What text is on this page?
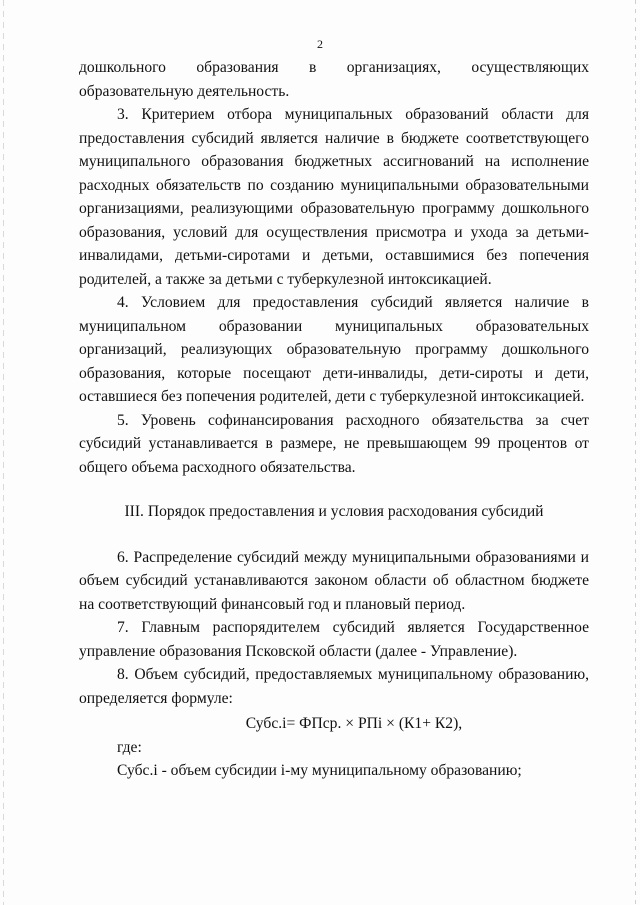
2

дошкольного образования в организациях, осуществляющих образовательную деятельность.

3. Критерием отбора муниципальных образований области для предоставления субсидий является наличие в бюджете соответствующего муниципального образования бюджетных ассигнований на исполнение расходных обязательств по созданию муниципальными образовательными организациями, реализующими образовательную программу дошкольного образования, условий для осуществления присмотра и ухода за детьми-инвалидами, детьми-сиротами и детьми, оставшимися без попечения родителей, а также за детьми с туберкулезной интоксикацией.

4. Условием для предоставления субсидий является наличие в муниципальном образовании муниципальных образовательных организаций, реализующих образовательную программу дошкольного образования, которые посещают дети-инвалиды, дети-сироты и дети, оставшиеся без попечения родителей, дети с туберкулезной интоксикацией.

5. Уровень софинансирования расходного обязательства за счет субсидий устанавливается в размере, не превышающем 99 процентов от общего объема расходного обязательства.

III. Порядок предоставления и условия расходования субсидий

6. Распределение субсидий между муниципальными образованиями и объем субсидий устанавливаются законом области об областном бюджете на соответствующий финансовый год и плановый период.

7. Главным распорядителем субсидий является Государственное управление образования Псковской области (далее - Управление).

8. Объем субсидий, предоставляемых муниципальному образованию, определяется формуле:

Субс.i= ФПср. × РПi × (К1+ К2),

где:

Субс.i - объем субсидии i-му муниципальному образованию;
